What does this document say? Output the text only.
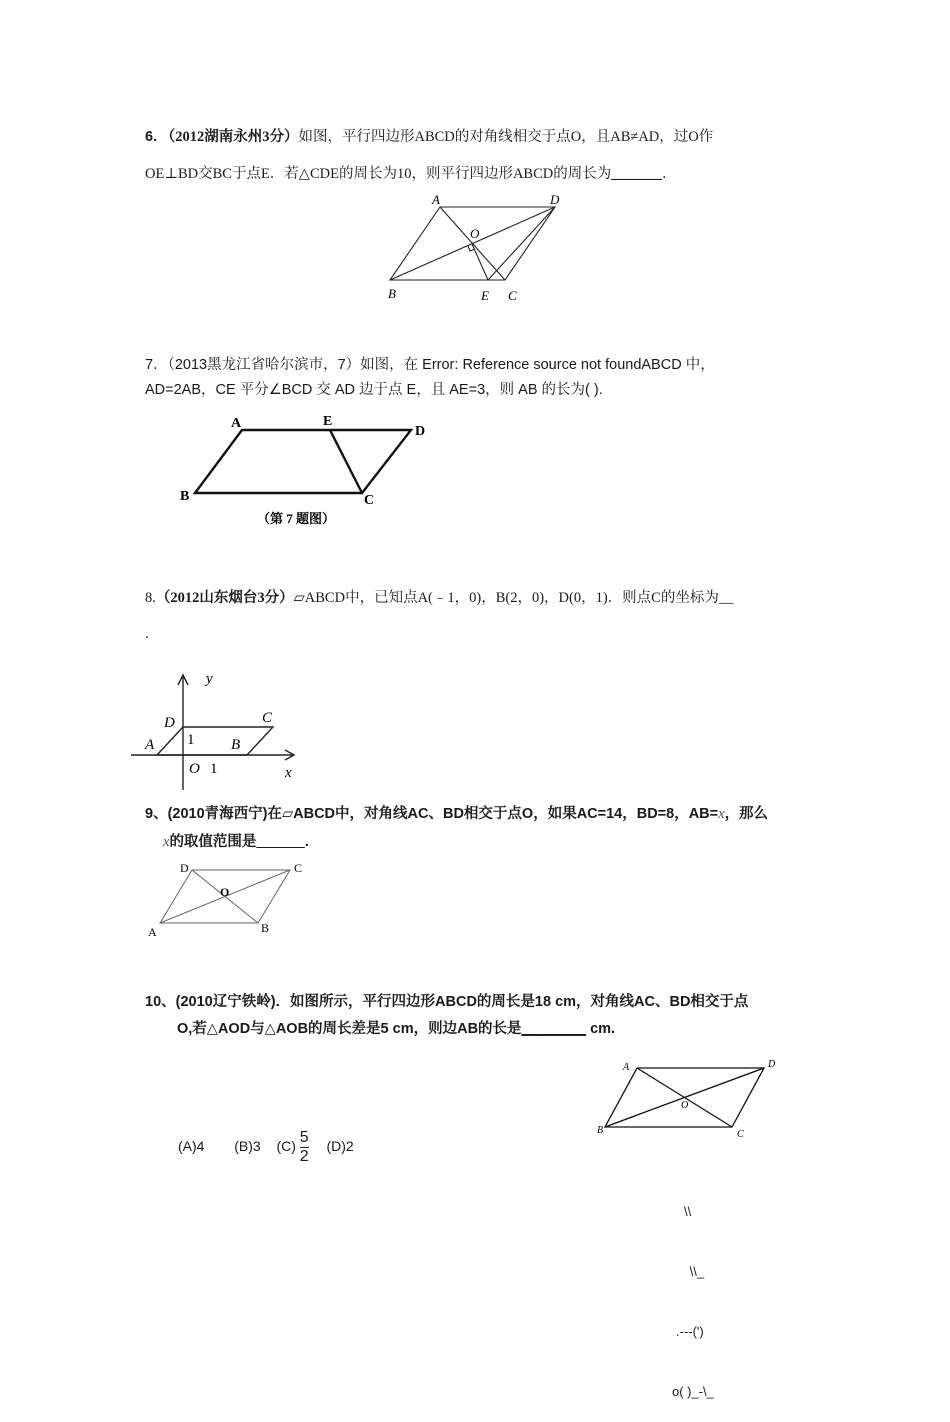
6. （2012湖南永州3分）如图，平行四边形ABCD的对角线相交于点O，且AB≠AD，过O作
OE⊥BD交BC于点E．若△CDE的周长为10，则平行四边形ABCD的周长为_______．
A	D
O
B	E C
7．（2013黑龙江省哈尔滨市，7）如图，在 Error: Reference source not foundABCD 中，
AD=2AB，CE 平分∠BCD 交 AD 边于点 E，且 AE=3，则 AB 的长为( ).
A	E
D
B	C
（第 7 题图）
8.（2012山东烟台3分）▱ABCD中，已知点A(﹣1，0)，B(2，0)，D(0，1)．则点C的坐标为__
.
y
D	C
A 1 B
O 1	x
9、(2010青海西宁)在▱ABCD中，对角线AC、BD相交于点O，如果AC=14，BD=8，AB=x，那么
x的取值范围是______.
D	C
O
A	B
10、(2010辽宁铁岭)．如图所示，平行四边形ABCD的周长是18 cm，对角线AC、BD相交于点
O,若△AOD与△AOB的周长差是5 cm，则边AB的长是________ cm.
(A)4 (B)3 $(C) \frac{5}{2} (D)2$
A	D
O
B	C

\\

\\_

.---(')

o( )_-\_
